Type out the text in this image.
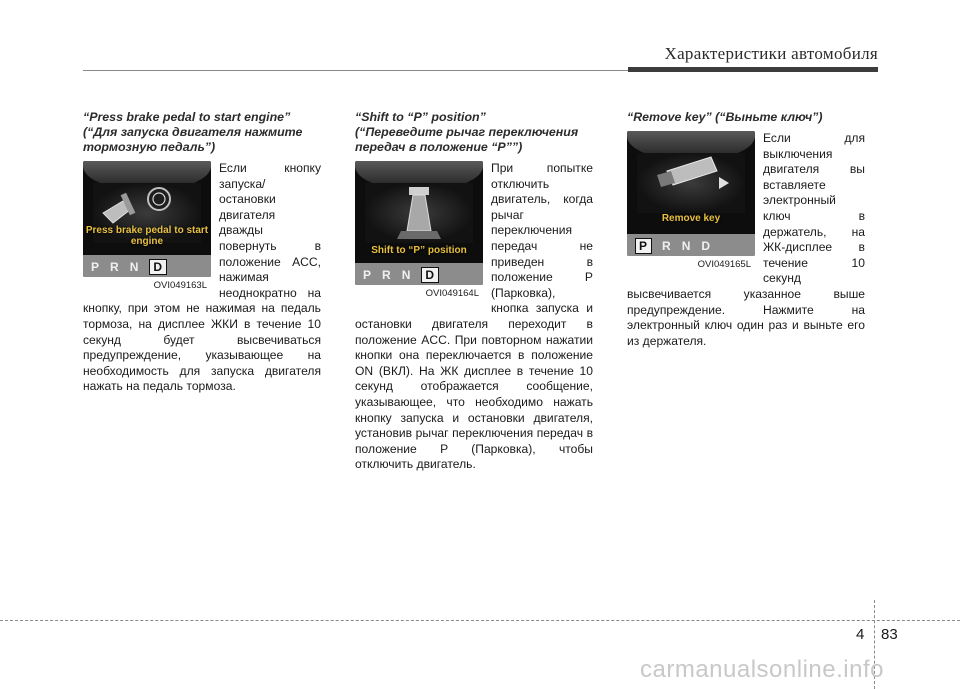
Характеристики автомобиля

“Press brake pedal to start engine”
(“Для запуска двигателя нажмите тормозную педаль”)

Press brake pedal to start engine
P R N	D
OVI049163L

Если кнопку запуска/остановки двигателя дважды повернуть в положение ACC, нажимая неоднократно на кнопку, при этом не нажимая на педаль тормоза, на дисплее ЖКИ в течение 10 секунд будет высвечиваться предупреждение, указывающее на необходимость для запуска двигателя нажать на педаль тормоза.

“Shift to “P” position”
(“Переведите рычаг переключения передач в положение “P””)

Shift to “P” position
P R N	D
OVI049164L

При попытке отключить двигатель, когда рычаг переключения передач не приведен в положение P (Парковка), кнопка запуска и остановки двигателя переходит в положение ACC. При повторном нажатии кнопки она переключается в положение ON (ВКЛ). На ЖК дисплее в течение 10 секунд отображается сообщение, указывающее, что необходимо нажать кнопку запуска и остановки двигателя, установив рычаг переключения передач в положение P (Парковка), чтобы отключить двигатель.

“Remove key” (“Выньте ключ”)

Remove key
P	R N D
OVI049165L

Если для выключения двигателя вы вставляете электронный ключ в держатель, на ЖК-дисплее в течение 10 секунд высвечивается указанное выше предупреждение. Нажмите на электронный ключ один раз и выньте его из держателя.

4 83
carmanualsonline.info
